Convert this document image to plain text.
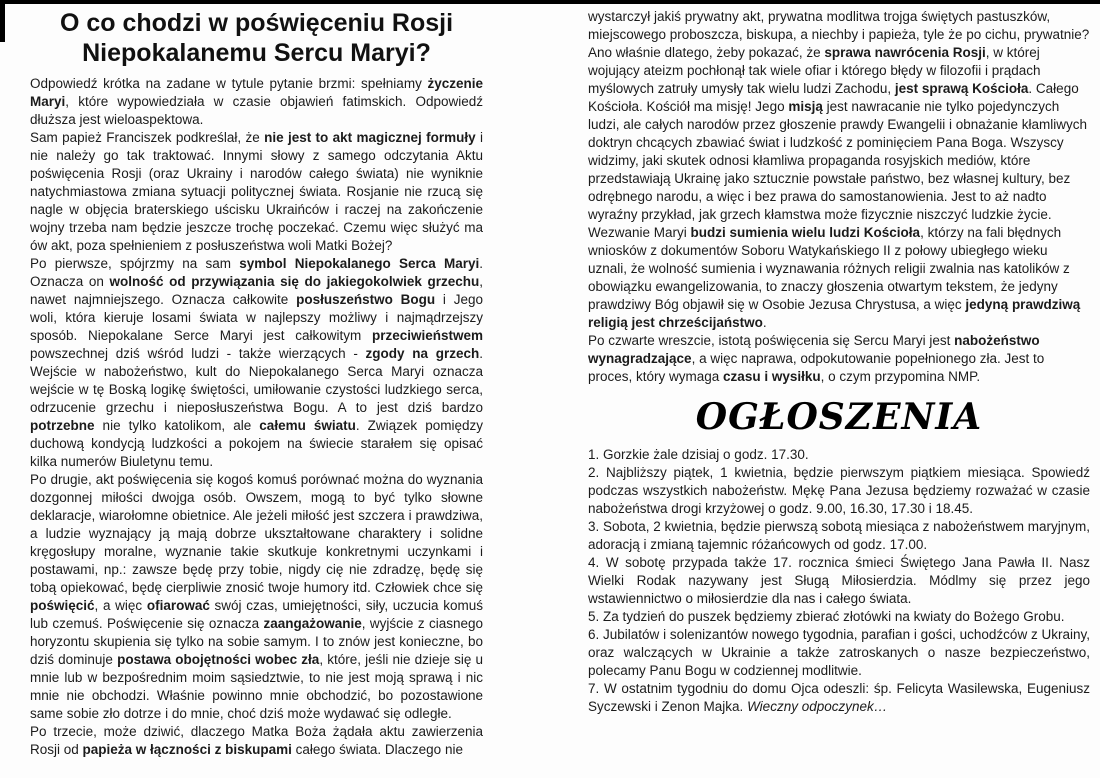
O co chodzi w poświęceniu Rosji
Niepokalanemu Sercu Maryi?

Odpowiedź krótka na zadane w tytule pytanie brzmi: spełniamy życzenie Maryi, które wypowiedziała w czasie objawień fatimskich. Odpowiedź dłuższa jest wieloaspektowa.

Sam papież Franciszek podkreślał, że nie jest to akt magicznej formuły i nie należy go tak traktować. Innymi słowy z samego odczytania Aktu poświęcenia Rosji (oraz Ukrainy i narodów całego świata) nie wyniknie natychmiastowa zmiana sytuacji politycznej świata. Rosjanie nie rzucą się nagle w objęcia braterskiego uścisku Ukraińców i raczej na zakończenie wojny trzeba nam będzie jeszcze trochę poczekać. Czemu więc służyć ma ów akt, poza spełnieniem z posłuszeństwa woli Matki Bożej?

Po pierwsze, spójrzmy na sam symbol Niepokalanego Serca Maryi. Oznacza on wolność od przywiązania się do jakiegokolwiek grzechu, nawet najmniejszego. Oznacza całkowite posłuszeństwo Bogu i Jego woli, która kieruje losami świata w najlepszy możliwy i najmądrzejszy sposób. Niepokalane Serce Maryi jest całkowitym przeciwieństwem powszechnej dziś wśród ludzi - także wierzących - zgody na grzech. Wejście w nabożeństwo, kult do Niepokalanego Serca Maryi oznacza wejście w tę Boską logikę świętości, umiłowanie czystości ludzkiego serca, odrzucenie grzechu i nieposłuszeństwa Bogu. A to jest dziś bardzo potrzebne nie tylko katolikom, ale całemu światu. Związek pomiędzy duchową kondycją ludzkości a pokojem na świecie starałem się opisać kilka numerów Biuletynu temu.

Po drugie, akt poświęcenia się kogoś komuś porównać można do wyznania dozgonnej miłości dwojga osób. Owszem, mogą to być tylko słowne deklaracje, wiarołomne obietnice. Ale jeżeli miłość jest szczera i prawdziwa, a ludzie wyznający ją mają dobrze ukształtowane charaktery i solidne kręgosłupy moralne, wyznanie takie skutkuje konkretnymi uczynkami i postawami, np.: zawsze będę przy tobie, nigdy cię nie zdradzę, będę się tobą opiekować, będę cierpliwie znosić twoje humory itd. Człowiek chce się poświęcić, a więc ofiarować swój czas, umiejętności, siły, uczucia komuś lub czemuś. Poświęcenie się oznacza zaangażowanie, wyjście z ciasnego horyzontu skupienia się tylko na sobie samym. I to znów jest konieczne, bo dziś dominuje postawa obojętności wobec zła, które, jeśli nie dzieje się u mnie lub w bezpośrednim moim sąsiedztwie, to nie jest moją sprawą i nic mnie nie obchodzi. Właśnie powinno mnie obchodzić, bo pozostawione same sobie zło dotrze i do mnie, choć dziś może wydawać się odległe.

Po trzecie, może dziwić, dlaczego Matka Boża żądała aktu zawierzenia Rosji od papieża w łączności z biskupami całego świata. Dlaczego nie

wystarczył jakiś prywatny akt, prywatna modlitwa trojga świętych pastuszków, miejscowego proboszcza, biskupa, a niechby i papieża, tyle że po cichu, prywatnie? Ano właśnie dlatego, żeby pokazać, że sprawa nawrócenia Rosji, w której wojujący ateizm pochłonął tak wiele ofiar i którego błędy w filozofii i prądach myślowych zatruły umysły tak wielu ludzi Zachodu, jest sprawą Kościoła. Całego Kościoła. Kościół ma misję! Jego misją jest nawracanie nie tylko pojedynczych ludzi, ale całych narodów przez głoszenie prawdy Ewangelii i obnażanie kłamliwych doktryn chcących zbawiać świat i ludzkość z pominięciem Pana Boga. Wszyscy widzimy, jaki skutek odnosi kłamliwa propaganda rosyjskich mediów, które przedstawiają Ukrainę jako sztucznie powstałe państwo, bez własnej kultury, bez odrębnego narodu, a więc i bez prawa do samostanowienia. Jest to aż nadto wyraźny przykład, jak grzech kłamstwa może fizycznie niszczyć ludzkie życie. Wezwanie Maryi budzi sumienia wielu ludzi Kościoła, którzy na fali błędnych wniosków z dokumentów Soboru Watykańskiego II z połowy ubiegłego wieku uznali, że wolność sumienia i wyznawania różnych religii zwalnia nas katolików z obowiązku ewangelizowania, to znaczy głoszenia otwartym tekstem, że jedyny prawdziwy Bóg objawił się w Osobie Jezusa Chrystusa, a więc jedyną prawdziwą religią jest chrześcijaństwo.

Po czwarte wreszcie, istotą poświęcenia się Sercu Maryi jest nabożeństwo wynagradzające, a więc naprawa, odpokutowanie popełnionego zła. Jest to proces, który wymaga czasu i wysiłku, o czym przypomina NMP.

OGŁOSZENIA

1. Gorzkie żale dzisiaj o godz. 17.30.

2. Najbliższy piątek, 1 kwietnia, będzie pierwszym piątkiem miesiąca. Spowiedź podczas wszystkich nabożeństw. Mękę Pana Jezusa będziemy rozważać w czasie nabożeństwa drogi krzyżowej o godz. 9.00, 16.30, 17.30 i 18.45.

3. Sobota, 2 kwietnia, będzie pierwszą sobotą miesiąca z nabożeństwem maryjnym, adoracją i zmianą tajemnic różańcowych od godz. 17.00.

4. W sobotę przypada także 17. rocznica śmieci Świętego Jana Pawła II. Nasz Wielki Rodak nazywany jest Sługą Miłosierdzia. Módlmy się przez jego wstawiennictwo o miłosierdzie dla nas i całego świata.

5. Za tydzień do puszek będziemy zbierać złotówki na kwiaty do Bożego Grobu.

6. Jubilatów i solenizantów nowego tygodnia, parafian i gości, uchodźców z Ukrainy, oraz walczących w Ukrainie a także zatroskanych o nasze bezpieczeństwo, polecamy Panu Bogu w codziennej modlitwie.

7. W ostatnim tygodniu do domu Ojca odeszli: śp. Felicyta Wasilewska, Eugeniusz Syczewski i Zenon Majka. Wieczny odpoczynek…
